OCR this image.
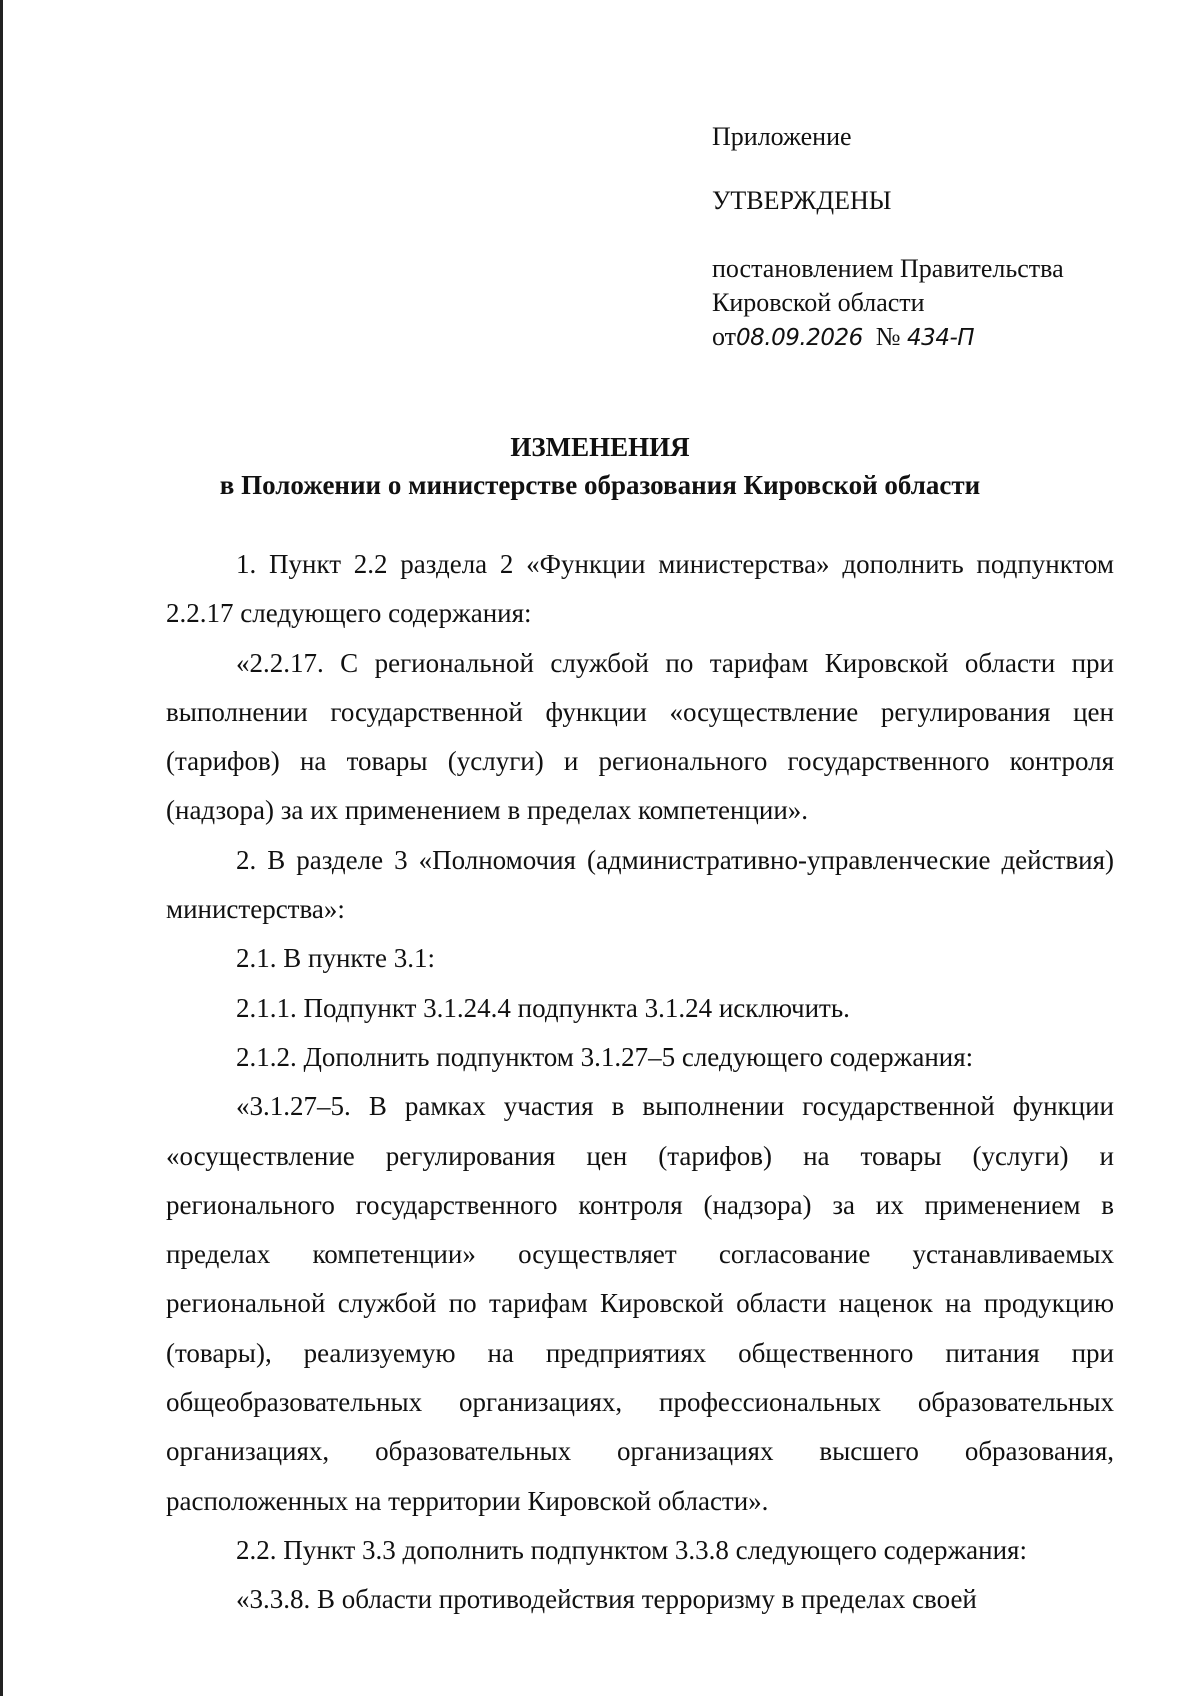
Приложение
УТВЕРЖДЕНЫ
постановлением Правительства
Кировской области
от08.09.2026 № 434-П
ИЗМЕНЕНИЯ
в Положении о министерстве образования Кировской области

1. Пункт 2.2 раздела 2 «Функции министерства» дополнить подпунктом 2.2.17 следующего содержания:

«2.2.17. С региональной службой по тарифам Кировской области при выполнении государственной функции «осуществление регулирования цен (тарифов) на товары (услуги) и регионального государственного контроля (надзора) за их применением в пределах компетенции».

2. В разделе 3 «Полномочия (административно-управленческие действия) министерства»:

2.1. В пункте 3.1:

2.1.1. Подпункт 3.1.24.4 подпункта 3.1.24 исключить.

2.1.2. Дополнить подпунктом 3.1.27–5 следующего содержания:

«3.1.27–5. В рамках участия в выполнении государственной функции «осуществление регулирования цен (тарифов) на товары (услуги) и регионального государственного контроля (надзора) за их применением в пределах компетенции» осуществляет согласование устанавливаемых региональной службой по тарифам Кировской области наценок на продукцию (товары), реализуемую на предприятиях общественного питания при общеобразовательных организациях, профессиональных образовательных организациях, образовательных организациях высшего образования, расположенных на территории Кировской области».

2.2. Пункт 3.3 дополнить подпунктом 3.3.8 следующего содержания:

«3.3.8. В области противодействия терроризму в пределах своей
